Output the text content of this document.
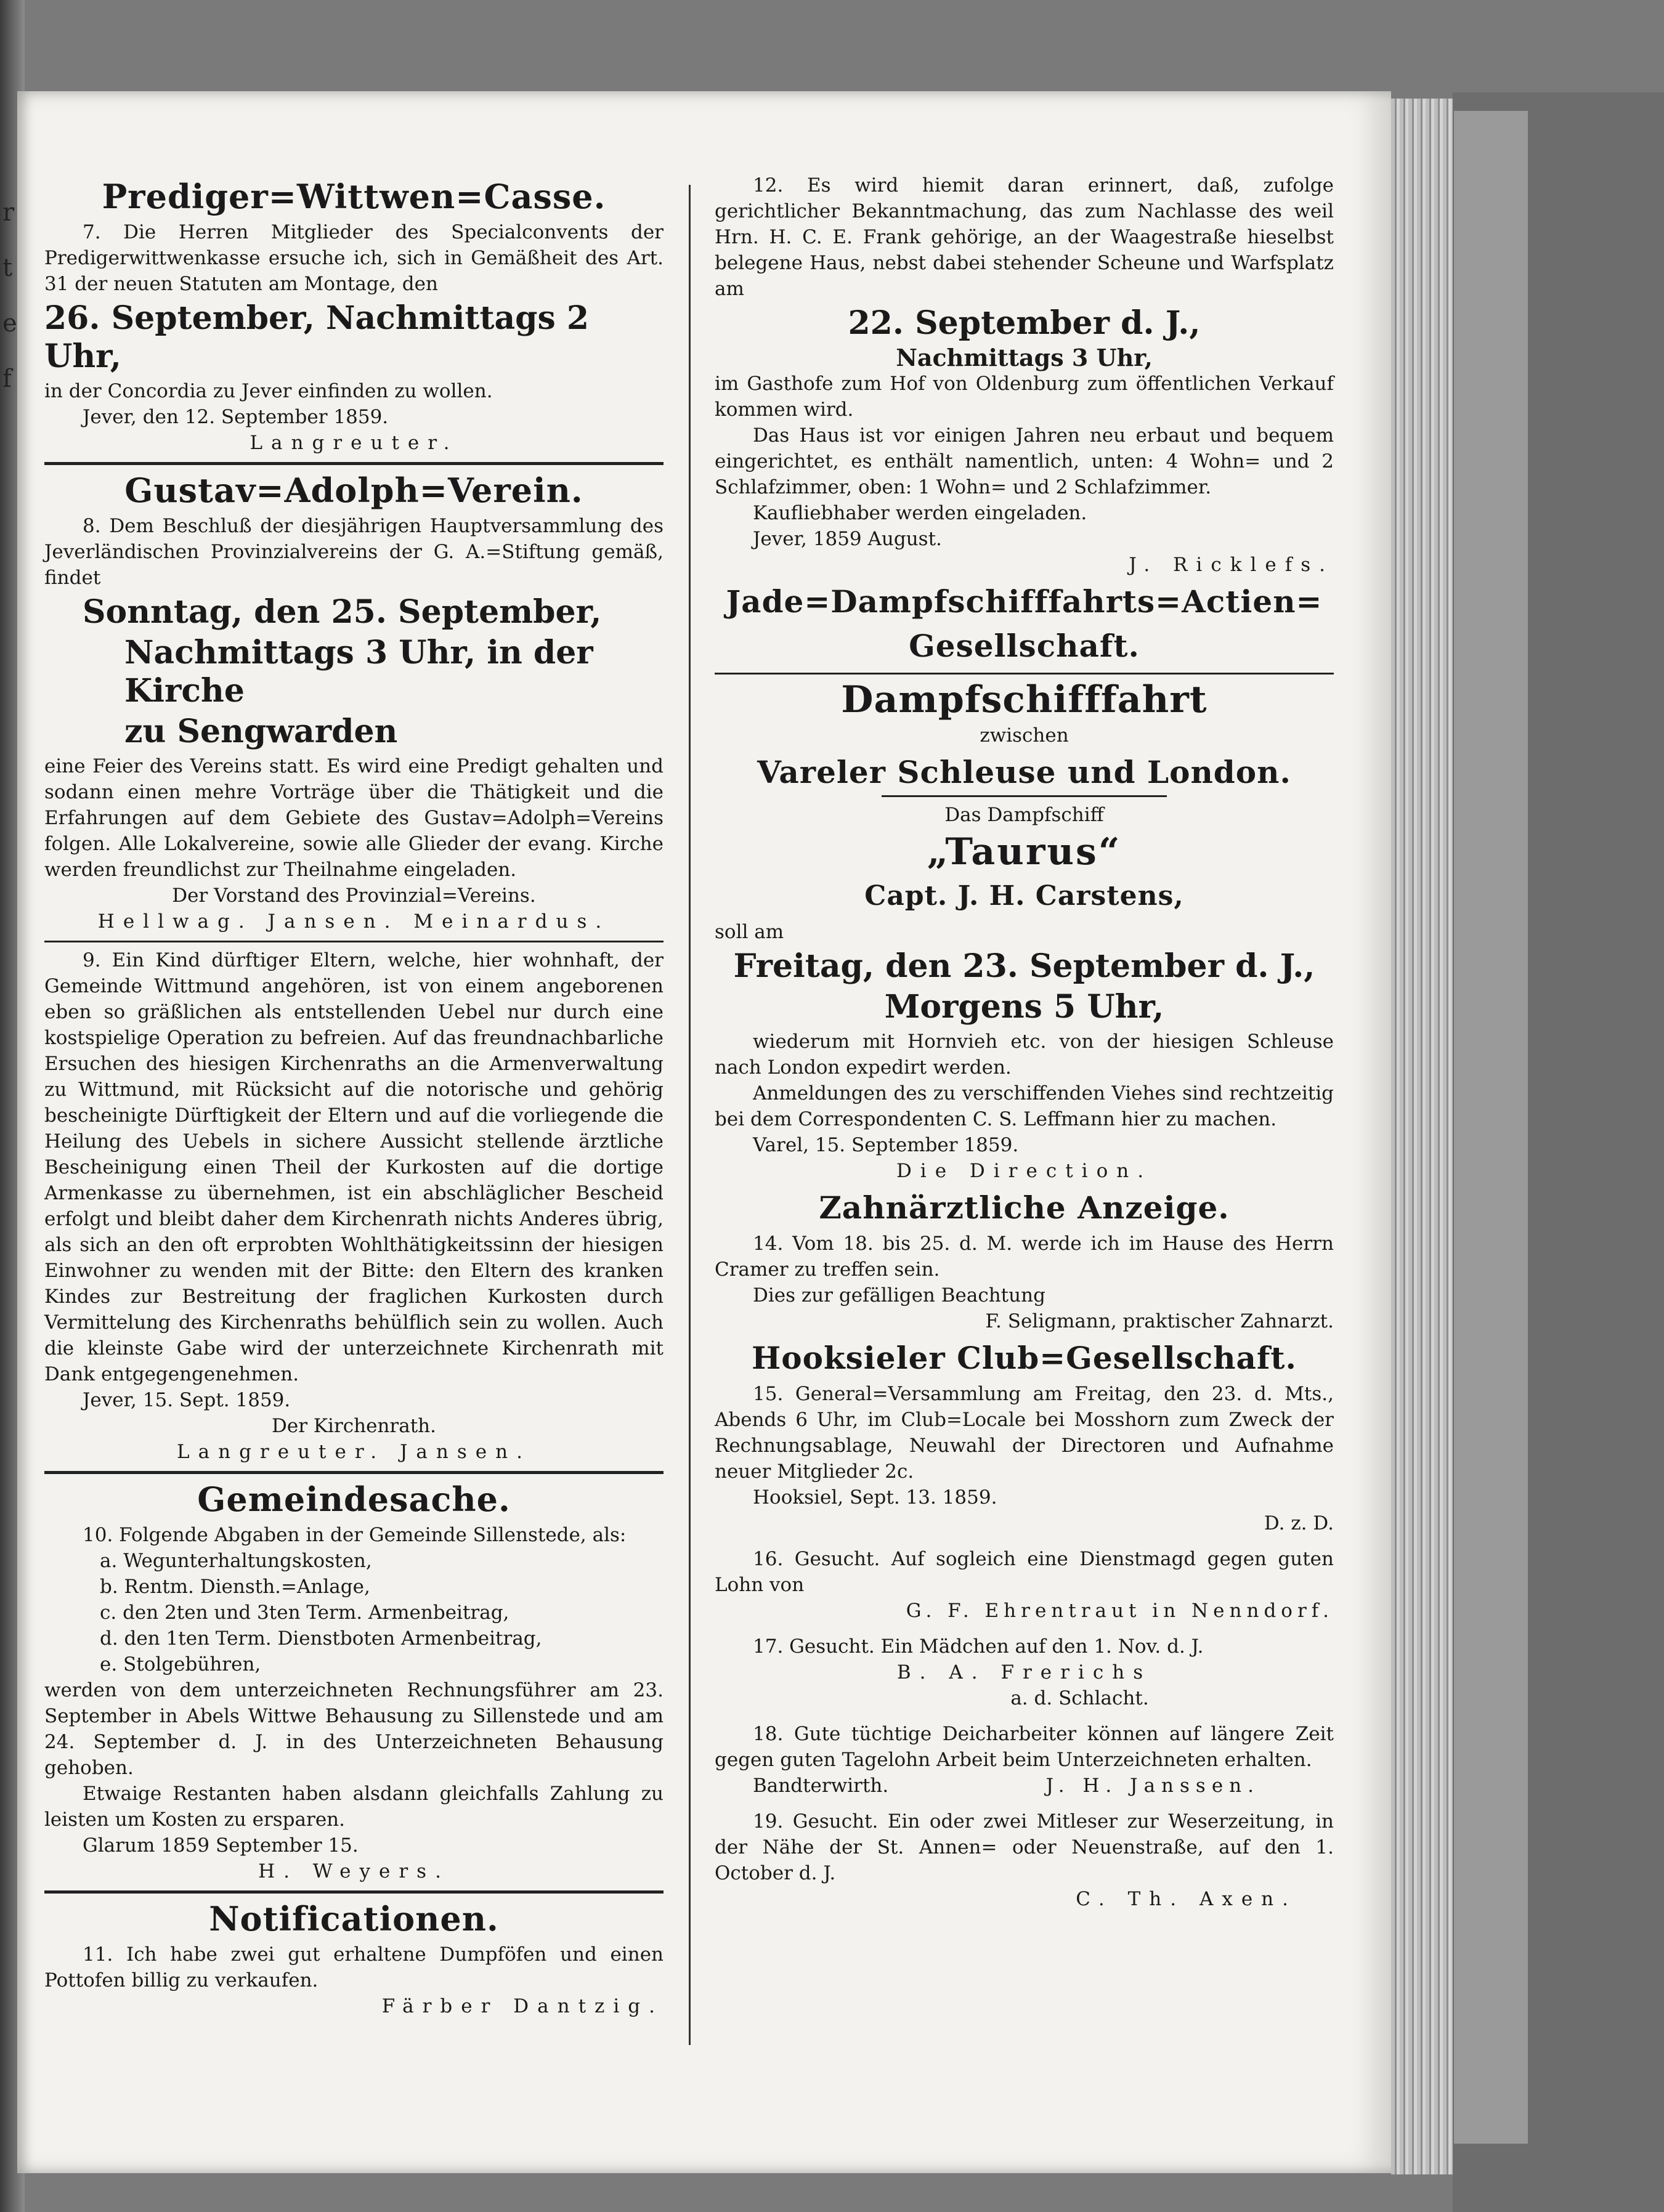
r
t
e
f
Prediger=Wittwen=Casse.

7. Die Herren Mitglieder des Specialconvents der Predigerwittwenkasse ersuche ich, sich in Gemäßheit des Art. 31 der neuen Statuten am Montage, den

26. September, Nachmittags 2 Uhr,

in der Concordia zu Jever einfinden zu wollen.

Jever, den 12. September 1859.

Langreuter.

Gustav=Adolph=Verein.

8. Dem Beschluß der diesjährigen Hauptversammlung des Jeverländischen Provinzialvereins der G. A.=Stiftung gemäß, findet

Sonntag, den 25. September,
Nachmittags 3 Uhr, in der Kirche
zu Sengwarden

eine Feier des Vereins statt. Es wird eine Predigt gehalten und sodann einen mehre Vorträge über die Thätigkeit und die Erfahrungen auf dem Gebiete des Gustav=Adolph=Vereins folgen. Alle Lokalvereine, sowie alle Glieder der evang. Kirche werden freundlichst zur Theilnahme eingeladen.

Der Vorstand des Provinzial=Vereins.

Hellwag. Jansen. Meinardus.

9. Ein Kind dürftiger Eltern, welche, hier wohnhaft, der Gemeinde Wittmund angehören, ist von einem angeborenen eben so gräßlichen als entstellenden Uebel nur durch eine kostspielige Operation zu befreien. Auf das freundnachbarliche Ersuchen des hiesigen Kirchenraths an die Armenverwaltung zu Wittmund, mit Rücksicht auf die notorische und gehörig bescheinigte Dürftigkeit der Eltern und auf die vorliegende die Heilung des Uebels in sichere Aussicht stellende ärztliche Bescheinigung einen Theil der Kurkosten auf die dortige Armenkasse zu übernehmen, ist ein abschläglicher Bescheid erfolgt und bleibt daher dem Kirchenrath nichts Anderes übrig, als sich an den oft erprobten Wohlthätigkeitssinn der hiesigen Einwohner zu wenden mit der Bitte: den Eltern des kranken Kindes zur Bestreitung der fraglichen Kurkosten durch Vermittelung des Kirchenraths behülflich sein zu wollen. Auch die kleinste Gabe wird der unterzeichnete Kirchenrath mit Dank entgegengenehmen.

Jever, 15. Sept. 1859.

Der Kirchenrath.

Langreuter. Jansen.

Gemeindesache.

10. Folgende Abgaben in der Gemeinde Sillenstede, als:

a. Wegunterhaltungskosten,
b. Rentm. Diensth.=Anlage,
c. den 2ten und 3ten Term. Armenbeitrag,
d. den 1ten Term. Dienstboten Armenbeitrag,
e. Stolgebühren,

werden von dem unterzeichneten Rechnungsführer am 23. September in Abels Wittwe Behausung zu Sillenstede und am 24. September d. J. in des Unterzeichneten Behausung gehoben.

Etwaige Restanten haben alsdann gleichfalls Zahlung zu leisten um Kosten zu ersparen.

Glarum 1859 September 15.

H. Weyers.

Notificationen.

11. Ich habe zwei gut erhaltene Dumpföfen und einen Pottofen billig zu verkaufen.

Färber Dantzig.

12. Es wird hiemit daran erinnert, daß, zufolge gerichtlicher Bekanntmachung, das zum Nachlasse des weil Hrn. H. C. E. Frank gehörige, an der Waagestraße hieselbst belegene Haus, nebst dabei stehender Scheune und Warfsplatz am

22. September d. J.,

Nachmittags 3 Uhr,

im Gasthofe zum Hof von Oldenburg zum öffentlichen Verkauf kommen wird.

Das Haus ist vor einigen Jahren neu erbaut und bequem eingerichtet, es enthält namentlich, unten: 4 Wohn= und 2 Schlafzimmer, oben: 1 Wohn= und 2 Schlafzimmer.

Kaufliebhaber werden eingeladen.

Jever, 1859 August.

J. Ricklefs.

Jade=Dampfschifffahrts=Actien=
Gesellschaft.
Dampfschifffahrt

zwischen

Vareler Schleuse und London.

Das Dampfschiff

„Taurus“
Capt. J. H. Carstens,

soll am

Freitag, den 23. September d. J.,
Morgens 5 Uhr,

wiederum mit Hornvieh etc. von der hiesigen Schleuse nach London expedirt werden.

Anmeldungen des zu verschiffenden Viehes sind rechtzeitig bei dem Correspondenten C. S. Leffmann hier zu machen.

Varel, 15. September 1859.

Die Direction.

Zahnärztliche Anzeige.

14. Vom 18. bis 25. d. M. werde ich im Hause des Herrn Cramer zu treffen sein.

Dies zur gefälligen Beachtung

F. Seligmann, praktischer Zahnarzt.

Hooksieler Club=Gesellschaft.

15. General=Versammlung am Freitag, den 23. d. Mts., Abends 6 Uhr, im Club=Locale bei Mosshorn zum Zweck der Rechnungsablage, Neuwahl der Directoren und Aufnahme neuer Mitglieder 2c.

Hooksiel, Sept. 13. 1859.

D. z. D.

16. Gesucht. Auf sogleich eine Dienstmagd gegen guten Lohn von

G. F. Ehrentraut in Nenndorf.

17. Gesucht. Ein Mädchen auf den 1. Nov. d. J.

B. A. Frerichs

a. d. Schlacht.

18. Gute tüchtige Deicharbeiter können auf längere Zeit gegen guten Tagelohn Arbeit beim Unterzeichneten erhalten.

Bandterwirth.	J. H. Janssen.

19. Gesucht. Ein oder zwei Mitleser zur Weserzeitung, in der Nähe der St. Annen= oder Neuenstraße, auf den 1. October d. J.

C. Th. Axen.
